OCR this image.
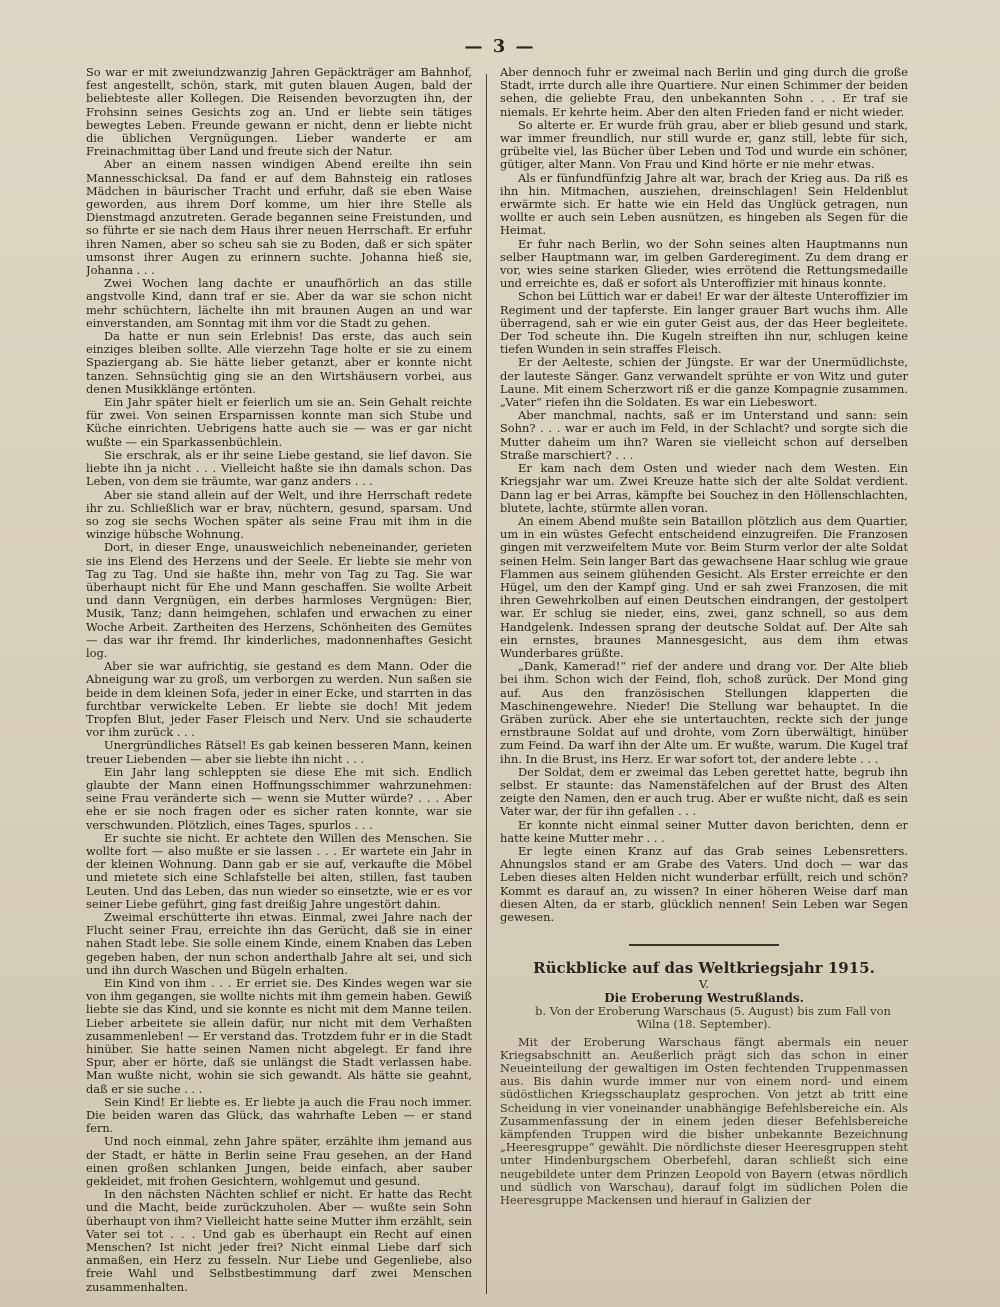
— 3 —

So war er mit zweiundzwanzig Jahren Gepäckträger am Bahnhof, fest angestellt, schön, stark, mit guten blauen Augen, bald der beliebteste aller Kollegen. Die Reisenden bevorzugten ihn, der Frohsinn seines Gesichts zog an. Und er liebte sein tätiges bewegtes Leben. Freunde gewann er nicht, denn er liebte nicht die üblichen Vergnügungen. Lieber wanderte er am Freinachmittag über Land und freute sich der Natur.

Aber an einem nassen windigen Abend ereilte ihn sein Mannesschicksal. Da fand er auf dem Bahnsteig ein ratloses Mädchen in bäurischer Tracht und erfuhr, daß sie eben Waise geworden, aus ihrem Dorf komme, um hier ihre Stelle als Dienstmagd anzutreten. Gerade begannen seine Freistunden, und so führte er sie nach dem Haus ihrer neuen Herrschaft. Er erfuhr ihren Namen, aber so scheu sah sie zu Boden, daß er sich später umsonst ihrer Augen zu erinnern suchte. Johanna hieß sie, Johanna . . .

Zwei Wochen lang dachte er unaufhörlich an das stille angstvolle Kind, dann traf er sie. Aber da war sie schon nicht mehr schüchtern, lächelte ihn mit braunen Augen an und war einverstanden, am Sonntag mit ihm vor die Stadt zu gehen.

Da hatte er nun sein Erlebnis! Das erste, das auch sein einziges bleiben sollte. Alle vierzehn Tage holte er sie zu einem Spaziergang ab. Sie hätte lieber getanzt, aber er konnte nicht tanzen. Sehnsüchtig ging sie an den Wirtshäusern vorbei, aus denen Musikklänge ertönten.

Ein Jahr später hielt er feierlich um sie an. Sein Gehalt reichte für zwei. Von seinen Ersparnissen konnte man sich Stube und Küche einrichten. Uebrigens hatte auch sie — was er gar nicht wußte — ein Sparkassenbüchlein.

Sie erschrak, als er ihr seine Liebe gestand, sie lief davon. Sie liebte ihn ja nicht . . . Vielleicht haßte sie ihn damals schon. Das Leben, von dem sie träumte, war ganz anders . . .

Aber sie stand allein auf der Welt, und ihre Herrschaft redete ihr zu. Schließlich war er brav, nüchtern, gesund, sparsam. Und so zog sie sechs Wochen später als seine Frau mit ihm in die winzige hübsche Wohnung.

Dort, in dieser Enge, unausweichlich nebeneinander, gerieten sie ins Elend des Herzens und der Seele. Er liebte sie mehr von Tag zu Tag. Und sie haßte ihn, mehr von Tag zu Tag. Sie war überhaupt nicht für Ehe und Mann geschaffen. Sie wollte Arbeit und dann Vergnügen, ein derbes harmloses Vergnügen: Bier, Musik, Tanz; dann heimgehen, schlafen und erwachen zu einer Woche Arbeit. Zartheiten des Herzens, Schönheiten des Gemütes — das war ihr fremd. Ihr kinderliches, madonnenhaftes Gesicht log.

Aber sie war aufrichtig, sie gestand es dem Mann. Oder die Abneigung war zu groß, um verborgen zu werden. Nun saßen sie beide in dem kleinen Sofa, jeder in einer Ecke, und starrten in das furchtbar verwickelte Leben. Er liebte sie doch! Mit jedem Tropfen Blut, jeder Faser Fleisch und Nerv. Und sie schauderte vor ihm zurück . . .

Unergründliches Rätsel! Es gab keinen besseren Mann, keinen treuer Liebenden — aber sie liebte ihn nicht . . .

Ein Jahr lang schleppten sie diese Ehe mit sich. Endlich glaubte der Mann einen Hoffnungsschimmer wahrzunehmen: seine Frau veränderte sich — wenn sie Mutter würde? . . . Aber ehe er sie noch fragen oder es sicher raten konnte, war sie verschwunden. Plötzlich, eines Tages, spurlos . . .

Er suchte sie nicht. Er achtete den Willen des Menschen. Sie wollte fort — also mußte er sie lassen . . . Er wartete ein Jahr in der kleinen Wohnung. Dann gab er sie auf, verkaufte die Möbel und mietete sich eine Schlafstelle bei alten, stillen, fast tauben Leuten. Und das Leben, das nun wieder so einsetzte, wie er es vor seiner Liebe geführt, ging fast dreißig Jahre ungestört dahin.

Zweimal erschütterte ihn etwas. Einmal, zwei Jahre nach der Flucht seiner Frau, erreichte ihn das Gerücht, daß sie in einer nahen Stadt lebe. Sie solle einem Kinde, einem Knaben das Leben gegeben haben, der nun schon anderthalb Jahre alt sei, und sich und ihn durch Waschen und Bügeln erhalten.

Ein Kind von ihm . . . Er erriet sie. Des Kindes wegen war sie von ihm gegangen, sie wollte nichts mit ihm gemein haben. Gewiß liebte sie das Kind, und sie konnte es nicht mit dem Manne teilen. Lieber arbeitete sie allein dafür, nur nicht mit dem Verhaßten zusammenleben! — Er verstand das. Trotzdem fuhr er in die Stadt hinüber. Sie hatte seinen Namen nicht abgelegt. Er fand ihre Spur, aber er hörte, daß sie unlängst die Stadt verlassen habe. Man wußte nicht, wohin sie sich gewandt. Als hätte sie geahnt, daß er sie suche . . .

Sein Kind! Er liebte es. Er liebte ja auch die Frau noch immer. Die beiden waren das Glück, das wahrhafte Leben — er stand fern.

Und noch einmal, zehn Jahre später, erzählte ihm jemand aus der Stadt, er hätte in Berlin seine Frau gesehen, an der Hand einen großen schlanken Jungen, beide einfach, aber sauber gekleidet, mit frohen Gesichtern, wohlgemut und gesund.

In den nächsten Nächten schlief er nicht. Er hatte das Recht und die Macht, beide zurückzuholen. Aber — wußte sein Sohn überhaupt von ihm? Vielleicht hatte seine Mutter ihm erzählt, sein Vater sei tot . . . Und gab es überhaupt ein Recht auf einen Menschen? Ist nicht jeder frei? Nicht einmal Liebe darf sich anmaßen, ein Herz zu fesseln. Nur Liebe und Gegenliebe, also freie Wahl und Selbstbestimmung darf zwei Menschen zusammenhalten.

Aber dennoch fuhr er zweimal nach Berlin und ging durch die große Stadt, irrte durch alle ihre Quartiere. Nur einen Schimmer der beiden sehen, die geliebte Frau, den unbekannten Sohn . . . Er traf sie niemals. Er kehrte heim. Aber den alten Frieden fand er nicht wieder.

So alterte er. Er wurde früh grau, aber er blieb gesund und stark, war immer freundlich, nur still wurde er, ganz still, lebte für sich, grübelte viel, las Bücher über Leben und Tod und wurde ein schöner, gütiger, alter Mann. Von Frau und Kind hörte er nie mehr etwas.

Als er fünfundfünfzig Jahre alt war, brach der Krieg aus. Da riß es ihn hin. Mitmachen, ausziehen, dreinschlagen! Sein Heldenblut erwärmte sich. Er hatte wie ein Held das Unglück getragen, nun wollte er auch sein Leben ausnützen, es hingeben als Segen für die Heimat.

Er fuhr nach Berlin, wo der Sohn seines alten Hauptmanns nun selber Hauptmann war, im gelben Garderegiment. Zu dem drang er vor, wies seine starken Glieder, wies errötend die Rettungsmedaille und erreichte es, daß er sofort als Unteroffizier mit hinaus konnte.

Schon bei Lüttich war er dabei! Er war der älteste Unteroffizier im Regiment und der tapferste. Ein langer grauer Bart wuchs ihm. Alle überragend, sah er wie ein guter Geist aus, der das Heer begleitete. Der Tod scheute ihn. Die Kugeln streiften ihn nur, schlugen keine tiefen Wunden in sein straffes Fleisch.

Er der Aelteste, schien der Jüngste. Er war der Unermüdlichste, der lauteste Sänger. Ganz verwandelt sprühte er von Witz und guter Laune. Mit einem Scherzwort riß er die ganze Kompagnie zusammen. „Vater“ riefen ihn die Soldaten. Es war ein Liebeswort.

Aber manchmal, nachts, saß er im Unterstand und sann: sein Sohn? . . . war er auch im Feld, in der Schlacht? und sorgte sich die Mutter daheim um ihn? Waren sie vielleicht schon auf derselben Straße marschiert? . . .

Er kam nach dem Osten und wieder nach dem Westen. Ein Kriegsjahr war um. Zwei Kreuze hatte sich der alte Soldat verdient. Dann lag er bei Arras, kämpfte bei Souchez in den Höllenschlachten, blutete, lachte, stürmte allen voran.

An einem Abend mußte sein Bataillon plötzlich aus dem Quartier, um in ein wüstes Gefecht entscheidend einzugreifen. Die Franzosen gingen mit verzweifeltem Mute vor. Beim Sturm verlor der alte Soldat seinen Helm. Sein langer Bart das gewachsene Haar schlug wie graue Flammen aus seinem glühenden Gesicht. Als Erster erreichte er den Hügel, um den der Kampf ging. Und er sah zwei Franzosen, die mit ihren Gewehrkolben auf einen Deutschen eindrangen, der gestolpert war. Er schlug sie nieder, eins, zwei, ganz schnell, so aus dem Handgelenk. Indessen sprang der deutsche Soldat auf. Der Alte sah ein ernstes, braunes Mannesgesicht, aus dem ihm etwas Wunderbares grüßte.

„Dank, Kamerad!“ rief der andere und drang vor. Der Alte blieb bei ihm. Schon wich der Feind, floh, schoß zurück. Der Mond ging auf. Aus den französischen Stellungen klapperten die Maschinengewehre. Nieder! Die Stellung war behauptet. In die Gräben zurück. Aber ehe sie untertauchten, reckte sich der junge ernstbraune Soldat auf und drohte, vom Zorn überwältigt, hinüber zum Feind. Da warf ihn der Alte um. Er wußte, warum. Die Kugel traf ihn. In die Brust, ins Herz. Er war sofort tot, der andere lebte . . .

Der Soldat, dem er zweimal das Leben gerettet hatte, begrub ihn selbst. Er staunte: das Namenstäfelchen auf der Brust des Alten zeigte den Namen, den er auch trug. Aber er wußte nicht, daß es sein Vater war, der für ihn gefallen . . .

Er konnte nicht einmal seiner Mutter davon berichten, denn er hatte keine Mutter mehr . . .

Er legte einen Kranz auf das Grab seines Lebensretters. Ahnungslos stand er am Grabe des Vaters. Und doch — war das Leben dieses alten Helden nicht wunderbar erfüllt, reich und schön? Kommt es darauf an, zu wissen? In einer höheren Weise darf man diesen Alten, da er starb, glücklich nennen! Sein Leben war Segen gewesen.

Rückblicke auf das Weltkriegsjahr 1915.
V.
Die Eroberung Westrußlands.

b. Von der Eroberung Warschaus (5. August) bis zum Fall von Wilna (18. September).

Mit der Eroberung Warschaus fängt abermals ein neuer Kriegsabschnitt an. Aeußerlich prägt sich das schon in einer Neueinteilung der gewaltigen im Osten fechtenden Truppenmassen aus. Bis dahin wurde immer nur von einem nord- und einem südöstlichen Kriegsschauplatz gesprochen. Von jetzt ab tritt eine Scheidung in vier voneinander unabhängige Befehlsbereiche ein. Als Zusammenfassung der in einem jeden dieser Befehlsbereiche kämpfenden Truppen wird die bisher unbekannte Bezeichnung „Heeresgruppe“ gewählt. Die nördlichste dieser Heeresgruppen steht unter Hindenburgschem Oberbefehl, daran schließt sich eine neugebildete unter dem Prinzen Leopold von Bayern (etwas nördlich und südlich von Warschau), darauf folgt im südlichen Polen die Heeresgruppe Mackensen und hierauf in Galizien der
